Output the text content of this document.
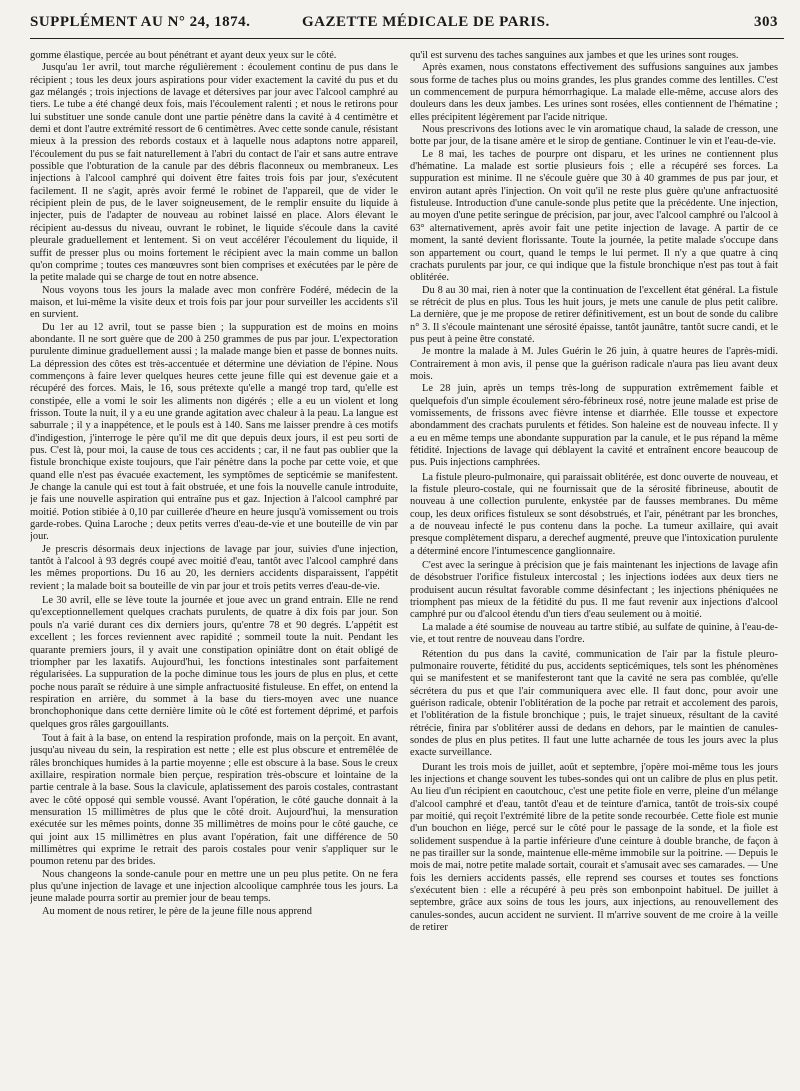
SUPPLÉMENT AU N° 24, 1874.	GAZETTE MÉDICALE DE PARIS.	303

gomme élastique, percée au bout pénétrant et ayant deux yeux sur le côté.

Jusqu'au 1er avril, tout marche régulièrement : écoulement continu de pus dans le récipient ; tous les deux jours aspirations pour vider exactement la cavité du pus et du gaz mélangés ; trois injections de lavage et détersives par jour avec l'alcool camphré au tiers. Le tube a été changé deux fois, mais l'écoulement ralenti ; et nous le retirons pour lui substituer une sonde canule dont une partie pénètre dans la cavité à 4 centimètre et demi et dont l'autre extrémité ressort de 6 centimètres. Avec cette sonde canule, résistant mieux à la pression des rebords costaux et à laquelle nous adaptons notre appareil, l'écoulement du pus se fait naturellement à l'abri du contact de l'air et sans autre entrave possible que l'obturation de la canule par des débris flaconneux ou membraneux. Les injections à l'alcool camphré qui doivent être faites trois fois par jour, s'exécutent facilement. Il ne s'agit, après avoir fermé le robinet de l'appareil, que de vider le récipient plein de pus, de le laver soigneusement, de le remplir ensuite du liquide à injecter, puis de l'adapter de nouveau au robinet laissé en place. Alors élevant le récipient au-dessus du niveau, ouvrant le robinet, le liquide s'écoule dans la cavité pleurale graduellement et lentement. Si on veut accélérer l'écoulement du liquide, il suffit de presser plus ou moins fortement le récipient avec la main comme un ballon qu'on comprime ; toutes ces manœuvres sont bien comprises et exécutées par le père de la petite malade qui se charge de tout en notre absence.

Nous voyons tous les jours la malade avec mon confrère Fodéré, médecin de la maison, et lui-même la visite deux et trois fois par jour pour surveiller les accidents s'il en survient.

Du 1er au 12 avril, tout se passe bien ; la suppuration est de moins en moins abondante. Il ne sort guère que de 200 à 250 grammes de pus par jour. L'expectoration purulente diminue graduellement aussi ; la malade mange bien et passe de bonnes nuits. La dépression des côtes est très-accentuée et détermine une déviation de l'épine. Nous commençons à faire lever quelques heures cette jeune fille qui est devenue gaie et a récupéré des forces. Mais, le 16, sous prétexte qu'elle a mangé trop tard, qu'elle est constipée, elle a vomi le soir les aliments non digérés ; elle a eu un violent et long frisson. Toute la nuit, il y a eu une grande agitation avec chaleur à la peau. La langue est saburrale ; il y a inappétence, et le pouls est à 140. Sans me laisser prendre à ces motifs d'indigestion, j'interroge le père qu'il me dit que depuis deux jours, il est peu sorti de pus. C'est là, pour moi, la cause de tous ces accidents ; car, il ne faut pas oublier que la fistule bronchique existe toujours, que l'air pénètre dans la poche par cette voie, et que quand elle n'est pas évacuée exactement, les symptômes de septicémie se manifestent. Je change la canule qui est tout à fait obstruée, et une fois la nouvelle canule introduite, je fais une nouvelle aspiration qui entraîne pus et gaz. Injection à l'alcool camphré par moitié. Potion stibiée à 0,10 par cuillerée d'heure en heure jusqu'à vomissement ou trois garde-robes. Quina Laroche ; deux petits verres d'eau-de-vie et une bouteille de vin par jour.

Je prescris désormais deux injections de lavage par jour, suivies d'une injection, tantôt à l'alcool à 93 degrés coupé avec moitié d'eau, tantôt avec l'alcool camphré dans les mêmes proportions. Du 16 au 20, les derniers accidents disparaissent, l'appétit revient ; la malade boit sa bouteille de vin par jour et trois petits verres d'eau-de-vie.

Le 30 avril, elle se lève toute la journée et joue avec un grand entrain. Elle ne rend qu'exceptionnellement quelques crachats purulents, de quatre à dix fois par jour. Son pouls n'a varié durant ces dix derniers jours, qu'entre 78 et 90 degrés. L'appétit est excellent ; les forces reviennent avec rapidité ; sommeil toute la nuit. Pendant les quarante premiers jours, il y avait une constipation opiniâtre dont on était obligé de triompher par les laxatifs. Aujourd'hui, les fonctions intestinales sont parfaitement régularisées. La suppuration de la poche diminue tous les jours de plus en plus, et cette poche nous paraît se réduire à une simple anfractuosité fistuleuse. En effet, on entend la respiration en arrière, du sommet à la base du tiers-moyen avec une nuance bronchophonique dans cette dernière limite où le côté est fortement déprimé, et parfois quelques gros râles gargouillants.

Tout à fait à la base, on entend la respiration profonde, mais on la perçoit. En avant, jusqu'au niveau du sein, la respiration est nette ; elle est plus obscure et entremêlée de râles bronchiques humides à la partie moyenne ; elle est obscure à la base. Sous le creux axillaire, respiration normale bien perçue, respiration très-obscure et lointaine de la partie centrale à la base. Sous la clavicule, aplatissement des parois costales, contrastant avec le côté opposé qui semble voussé. Avant l'opération, le côté gauche donnait à la mensuration 15 millimètres de plus que le côté droit. Aujourd'hui, la mensuration exécutée sur les mêmes points, donne 35 millimètres de moins pour le côté gauche, ce qui joint aux 15 millimètres en plus avant l'opération, fait une différence de 50 millimètres qui exprime le retrait des parois costales pour venir s'appliquer sur le poumon retenu par des brides.

Nous changeons la sonde-canule pour en mettre une un peu plus petite. On ne fera plus qu'une injection de lavage et une injection alcoolique camphrée tous les jours. La jeune malade pourra sortir au premier jour de beau temps.

Au moment de nous retirer, le père de la jeune fille nous apprend

qu'il est survenu des taches sanguines aux jambes et que les urines sont rouges.

Après examen, nous constatons effectivement des suffusions sanguines aux jambes sous forme de taches plus ou moins grandes, les plus grandes comme des lentilles. C'est un commencement de purpura hémorrhagique. La malade elle-même, accuse alors des douleurs dans les deux jambes. Les urines sont rosées, elles contiennent de l'hématine ; elles précipitent légèrement par l'acide nitrique.

Nous prescrivons des lotions avec le vin aromatique chaud, la salade de cresson, une botte par jour, de la tisane amère et le sirop de gentiane. Continuer le vin et l'eau-de-vie.

Le 8 mai, les taches de pourpre ont disparu, et les urines ne contiennent plus d'hématine. La malade est sortie plusieurs fois ; elle a récupéré ses forces. La suppuration est minime. Il ne s'écoule guère que 30 à 40 grammes de pus par jour, et environ autant après l'injection. On voit qu'il ne reste plus guère qu'une anfractuosité fistuleuse. Introduction d'une canule-sonde plus petite que la précédente. Une injection, au moyen d'une petite seringue de précision, par jour, avec l'alcool camphré ou l'alcool à 63° alternativement, après avoir fait une petite injection de lavage. A partir de ce moment, la santé devient florissante. Toute la journée, la petite malade s'occupe dans son appartement ou court, quand le temps le lui permet. Il n'y a que quatre à cinq crachats purulents par jour, ce qui indique que la fistule bronchique n'est pas tout à fait oblitérée.

Du 8 au 30 mai, rien à noter que la continuation de l'excellent état général. La fistule se rétrécit de plus en plus. Tous les huit jours, je mets une canule de plus petit calibre. La dernière, que je me propose de retirer définitivement, est un bout de sonde du calibre n° 3. Il s'écoule maintenant une sérosité épaisse, tantôt jaunâtre, tantôt sucre candi, et le pus peut à peine être constaté.

Je montre la malade à M. Jules Guérin le 26 juin, à quatre heures de l'après-midi. Contrairement à mon avis, il pense que la guérison radicale n'aura pas lieu avant deux mois.

Le 28 juin, après un temps très-long de suppuration extrêmement faible et quelquefois d'un simple écoulement séro-fébrineux rosé, notre jeune malade est prise de vomissements, de frissons avec fièvre intense et diarrhée. Elle tousse et expectore abondamment des crachats purulents et fétides. Son haleine est de nouveau infecte. Il y a eu en même temps une abondante suppuration par la canule, et le pus répand la même fétidité. Injections de lavage qui déblayent la cavité et entraînent encore beaucoup de pus. Puis injections camphrées.

La fistule pleuro-pulmonaire, qui paraissait oblitérée, est donc ouverte de nouveau, et la fistule pleuro-costale, qui ne fournissait que de la sérosité fibrineuse, aboutit de nouveau à une collection purulente, enkystée par de fausses membranes. Du même coup, les deux orifices fistuleux se sont désobstrués, et l'air, pénétrant par les bronches, a de nouveau infecté le pus contenu dans la poche. La tumeur axillaire, qui avait presque complètement disparu, a derechef augmenté, preuve que l'intoxication purulente a déterminé encore l'intumescence ganglionnaire.

C'est avec la seringue à précision que je fais maintenant les injections de lavage afin de désobstruer l'orifice fistuleux intercostal ; les injections iodées aux deux tiers ne produisent aucun résultat favorable comme désinfectant ; les injections phéniquées ne triomphent pas mieux de la fétidité du pus. Il me faut revenir aux injections d'alcool camphré pur ou d'alcool étendu d'un tiers d'eau seulement ou à moitié.

La malade a été soumise de nouveau au tartre stibié, au sulfate de quinine, à l'eau-de-vie, et tout rentre de nouveau dans l'ordre.

Rétention du pus dans la cavité, communication de l'air par la fistule pleuro-pulmonaire rouverte, fétidité du pus, accidents septicémiques, tels sont les phénomènes qui se manifestent et se manifesteront tant que la cavité ne sera pas comblée, qu'elle sécrétera du pus et que l'air communiquera avec elle. Il faut donc, pour avoir une guérison radicale, obtenir l'oblitération de la poche par retrait et accolement des parois, et l'oblitération de la fistule bronchique ; puis, le trajet sinueux, résultant de la cavité rétrécie, finira par s'oblitérer aussi de dedans en dehors, par le maintien de canules-sondes de plus en plus petites. Il faut une lutte acharnée de tous les jours avec la plus exacte surveillance.

Durant les trois mois de juillet, août et septembre, j'opère moi-même tous les jours les injections et change souvent les tubes-sondes qui ont un calibre de plus en plus petit. Au lieu d'un récipient en caoutchouc, c'est une petite fiole en verre, pleine d'un mélange d'alcool camphré et d'eau, tantôt d'eau et de teinture d'arnica, tantôt de trois-six coupé par moitié, qui reçoit l'extrémité libre de la petite sonde recourbée. Cette fiole est munie d'un bouchon en liége, percé sur le côté pour le passage de la sonde, et la fiole est solidement suspendue à la partie inférieure d'une ceinture à double branche, de façon à ne pas tirailler sur la sonde, maintenue elle-même immobile sur la poitrine. — Depuis le mois de mai, notre petite malade sortait, courait et s'amusait avec ses camarades. — Une fois les derniers accidents passés, elle reprend ses courses et toutes ses fonctions s'exécutent bien : elle a récupéré à peu près son embonpoint habituel. De juillet à septembre, grâce aux soins de tous les jours, aux injections, au renouvellement des canules-sondes, aucun accident ne survient. Il m'arrive souvent de me croire à la veille de retirer
